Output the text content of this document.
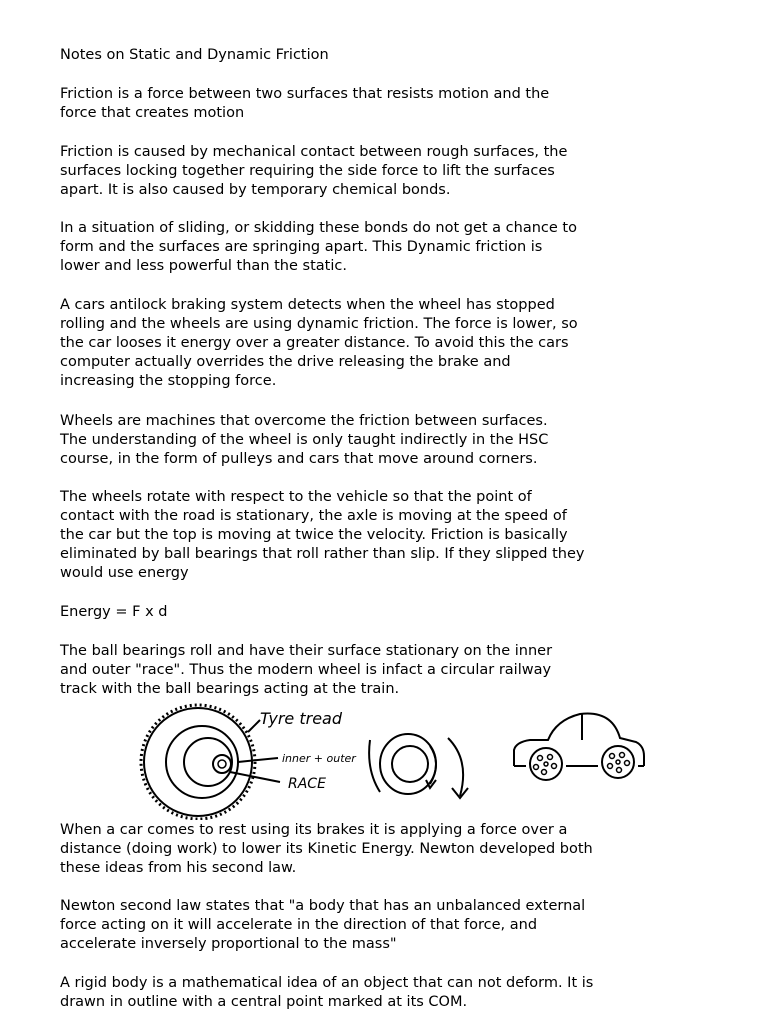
Notes on Static and Dynamic Friction

Friction is a force between two surfaces that resists motion and the
force that creates motion

Friction is caused by mechanical contact between rough surfaces, the
surfaces locking together requiring the side force to lift the surfaces
apart. It is also caused by temporary chemical bonds.

In a situation of sliding, or skidding these bonds do not get a chance to
form and the surfaces are springing apart. This Dynamic friction is
lower and less powerful than the static.

A cars antilock braking system detects when the wheel has stopped
rolling and the wheels are using dynamic friction. The force is lower, so
the car looses it energy over a greater distance. To avoid this the cars
computer actually overrides the drive releasing the brake and
increasing the stopping force.

Wheels are machines that overcome the friction between surfaces.
The understanding of the wheel is only taught indirectly in the HSC
course, in the form of pulleys and cars that move around corners.

The wheels rotate with respect to the vehicle so that the point of
contact with the road is stationary, the axle is moving at the speed of
the car but the top is moving at twice the velocity. Friction is basically
eliminated by ball bearings that roll rather than slip. If they slipped they
would use energy

Energy = F x d

The ball bearings roll and have their surface stationary on the inner
and outer "race". Thus the modern wheel is infact a circular railway
track with the ball bearings acting at the train.

Tyre tread
inner + outer
RACE

When a car comes to rest using its brakes it is applying a force over a
distance (doing work) to lower its Kinetic Energy. Newton developed both
these ideas from his second law.

Newton second law states that "a body that has an unbalanced external
force acting on it will accelerate in the direction of that force, and
accelerate inversely proportional to the mass"

A rigid body is a mathematical idea of an object that can not deform. It is
drawn in outline with a central point marked at its COM.
